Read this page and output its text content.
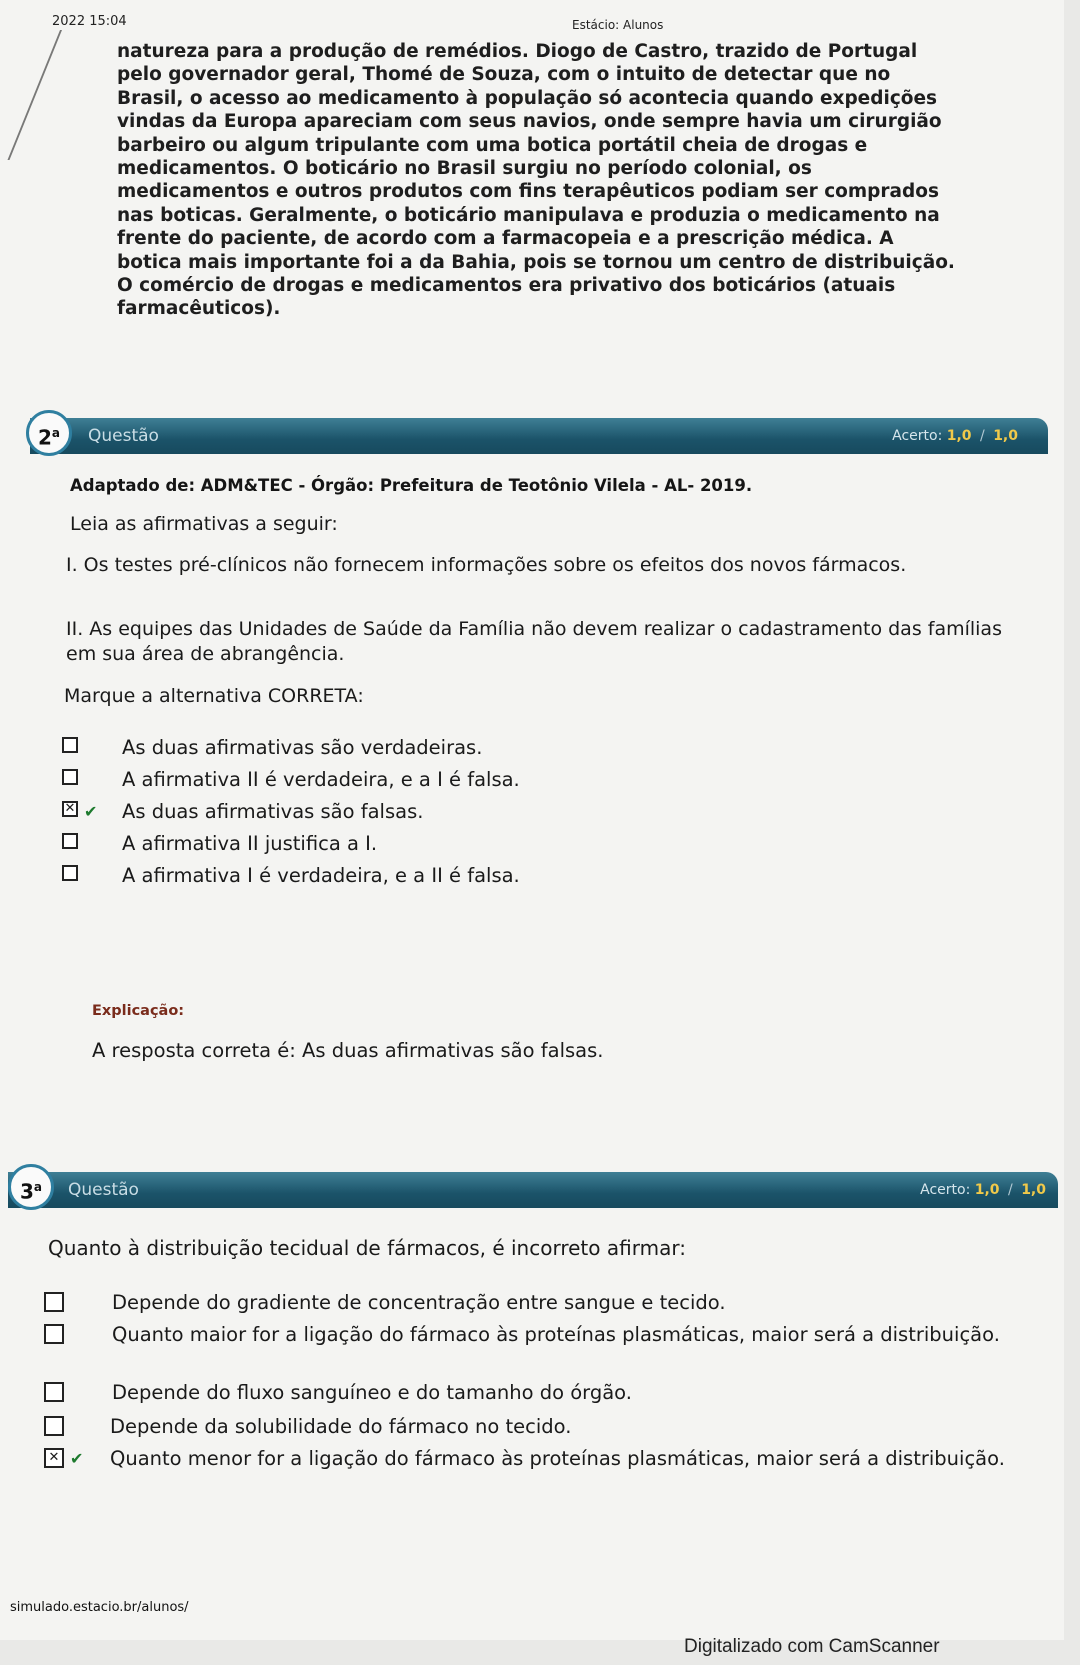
2022 15:04	Estácio: Alunos
natureza para a produção de remédios. Diogo de Castro, trazido de Portugal pelo governador geral, Thomé de Souza, com o intuito de detectar que no Brasil, o acesso ao medicamento à população só acontecia quando expedições vindas da Europa apareciam com seus navios, onde sempre havia um cirurgião barbeiro ou algum tripulante com uma botica portátil cheia de drogas e medicamentos. O boticário no Brasil surgiu no período colonial, os medicamentos e outros produtos com fins terapêuticos podiam ser comprados nas boticas. Geralmente, o boticário manipulava e produzia o medicamento na frente do paciente, de acordo com a farmacopeia e a prescrição médica. A botica mais importante foi a da Bahia, pois se tornou um centro de distribuição. O comércio de drogas e medicamentos era privativo dos boticários (atuais farmacêuticos).
2$^a$	Questão	Acerto: 1,0 / 1,0
Adaptado de: ADM&TEC - Órgão: Prefeitura de Teotônio Vilela - AL- 2019.
Leia as afirmativas a seguir:
I. Os testes pré-clínicos não fornecem informações sobre os efeitos dos novos fármacos.
II. As equipes das Unidades de Saúde da Família não devem realizar o cadastramento das famílias em sua área de abrangência.
Marque a alternativa CORRETA:
As duas afirmativas são verdadeiras.
A afirmativa II é verdadeira, e a I é falsa.
✕ ✔	As duas afirmativas são falsas.
A afirmativa II justifica a I.
A afirmativa I é verdadeira, e a II é falsa.
Explicação:
A resposta correta é: As duas afirmativas são falsas.
3$^a$	Questão	Acerto: 1,0 / 1,0
Quanto à distribuição tecidual de fármacos, é incorreto afirmar:
Depende do gradiente de concentração entre sangue e tecido.
Quanto maior for a ligação do fármaco às proteínas plasmáticas, maior será a distribuição.
Depende do fluxo sanguíneo e do tamanho do órgão.
Depende da solubilidade do fármaco no tecido.
✕ ✔	Quanto menor for a ligação do fármaco às proteínas plasmáticas, maior será a distribuição.
simulado.estacio.br/alunos/
Digitalizado com CamScanner
